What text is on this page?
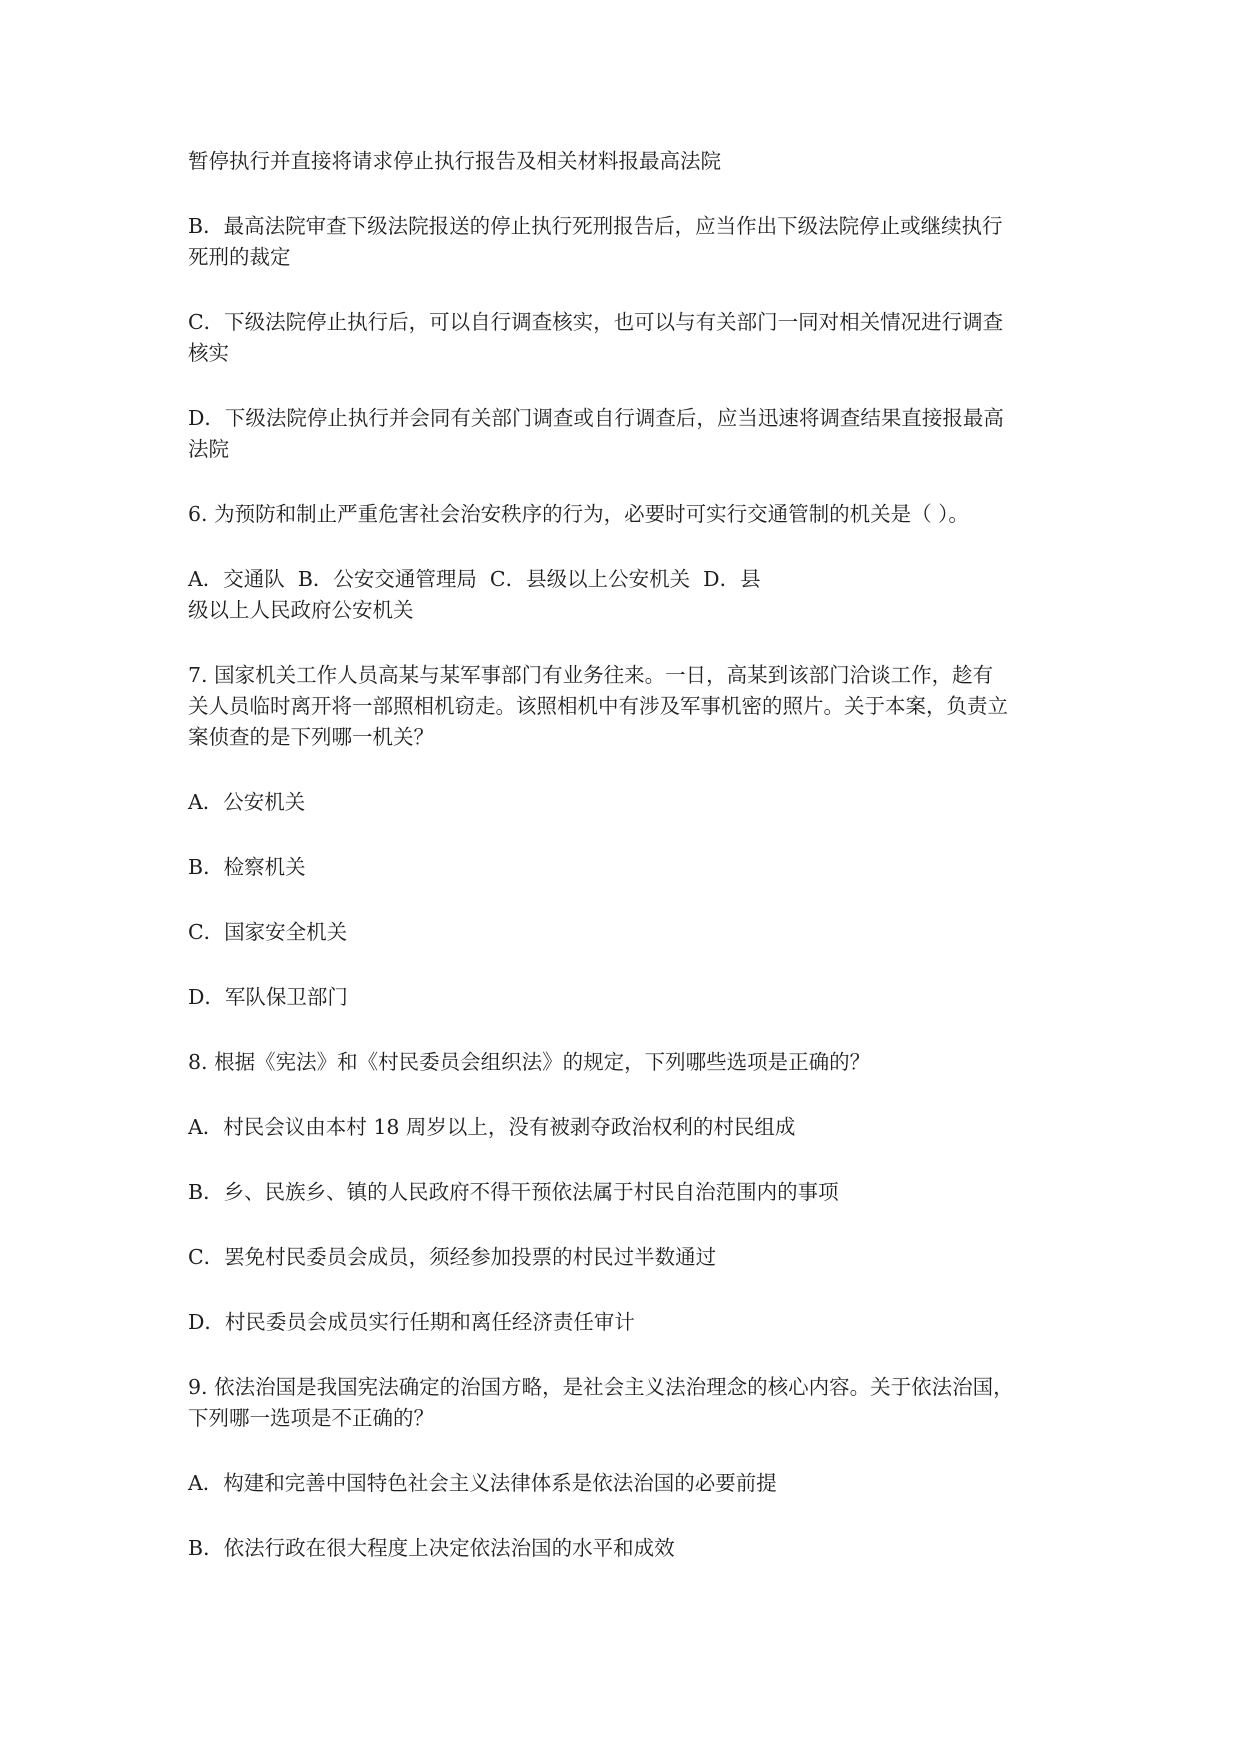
暂停执行并直接将请求停止执行报告及相关材料报最高法院
B．最高法院审查下级法院报送的停止执行死刑报告后，应当作出下级法院停止或继续执行
死刑的裁定
C．下级法院停止执行后，可以自行调查核实，也可以与有关部门一同对相关情况进行调查
核实
D．下级法院停止执行并会同有关部门调查或自行调查后，应当迅速将调查结果直接报最高
法院
6. 为预防和制止严重危害社会治安秩序的行为，必要时可实行交通管制的机关是（ ）。
A．交通队  B．公安交通管理局  C．县级以上公安机关  D．县
级以上人民政府公安机关
7. 国家机关工作人员高某与某军事部门有业务往来。一日，高某到该部门洽谈工作，趁有
关人员临时离开将一部照相机窃走。该照相机中有涉及军事机密的照片。关于本案，负责立
案侦查的是下列哪一机关？
A．公安机关
B．检察机关
C．国家安全机关
D．军队保卫部门
8. 根据《宪法》和《村民委员会组织法》的规定，下列哪些选项是正确的？
A．村民会议由本村 18 周岁以上，没有被剥夺政治权利的村民组成
B．乡、民族乡、镇的人民政府不得干预依法属于村民自治范围内的事项
C．罢免村民委员会成员，须经参加投票的村民过半数通过
D．村民委员会成员实行任期和离任经济责任审计
9. 依法治国是我国宪法确定的治国方略，是社会主义法治理念的核心内容。关于依法治国，
下列哪一选项是不正确的？
A．构建和完善中国特色社会主义法律体系是依法治国的必要前提
B．依法行政在很大程度上决定依法治国的水平和成效
